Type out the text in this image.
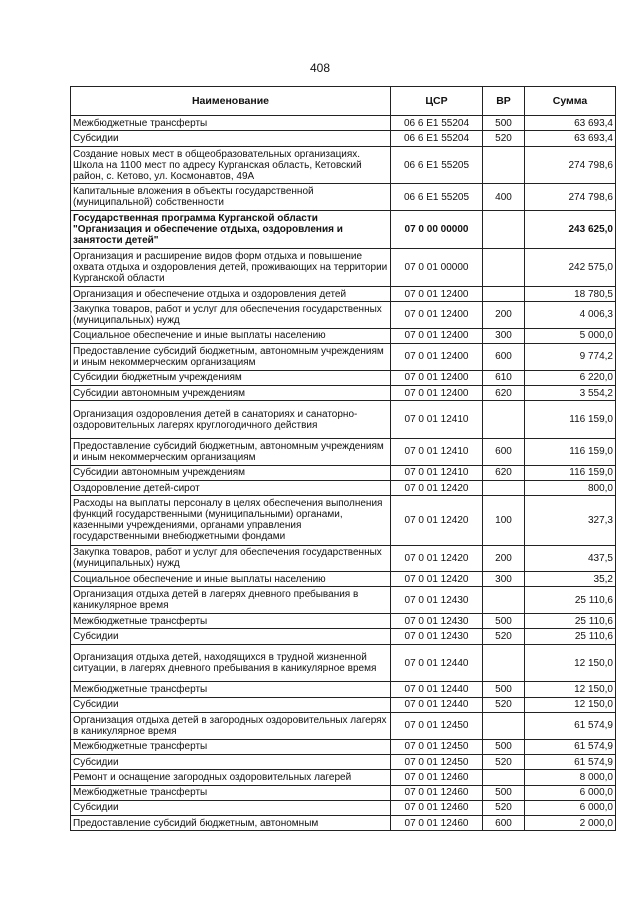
408
Наименование	ЦСР	ВР	Сумма
Межбюджетные трансферты	06 6 Е1 55204	500	63 693,4
Субсидии	06 6 Е1 55204	520	63 693,4
Создание новых мест в общеобразовательных организациях. Школа на 1100 мест по адресу Курганская область, Кетовский район, с. Кетово, ул. Космонавтов, 49А	06 6 Е1 55205		274 798,6
Капитальные вложения в объекты государственной (муниципальной) собственности	06 6 Е1 55205	400	274 798,6
Государственная программа Курганской области "Организация и обеспечение отдыха, оздоровления и занятости детей"	07 0 00 00000		243 625,0
Организация и расширение видов форм отдыха и повышение охвата отдыха и оздоровления детей, проживающих на территории Курганской области	07 0 01 00000		242 575,0
Организация и обеспечение отдыха и оздоровления детей	07 0 01 12400		18 780,5
Закупка товаров, работ и услуг для обеспечения государственных (муниципальных) нужд	07 0 01 12400	200	4 006,3
Социальное обеспечение и иные выплаты населению	07 0 01 12400	300	5 000,0
Предоставление субсидий бюджетным, автономным учреждениям и иным некоммерческим организациям	07 0 01 12400	600	9 774,2
Субсидии бюджетным учреждениям	07 0 01 12400	610	6 220,0
Субсидии автономным учреждениям	07 0 01 12400	620	3 554,2
Организация оздоровления детей в санаториях и санаторно-оздоровительных лагерях круглогодичного действия	07 0 01 12410		116 159,0
Предоставление субсидий бюджетным, автономным учреждениям и иным некоммерческим организациям	07 0 01 12410	600	116 159,0
Субсидии автономным учреждениям	07 0 01 12410	620	116 159,0
Оздоровление детей-сирот	07 0 01 12420		800,0
Расходы на выплаты персоналу в целях обеспечения выполнения функций государственными (муниципальными) органами, казенными учреждениями, органами управления государственными внебюджетными фондами	07 0 01 12420	100	327,3
Закупка товаров, работ и услуг для обеспечения государственных (муниципальных) нужд	07 0 01 12420	200	437,5
Социальное обеспечение и иные выплаты населению	07 0 01 12420	300	35,2
Организация отдыха детей в лагерях дневного пребывания в каникулярное время	07 0 01 12430		25 110,6
Межбюджетные трансферты	07 0 01 12430	500	25 110,6
Субсидии	07 0 01 12430	520	25 110,6
Организация отдыха детей, находящихся в трудной жизненной ситуации, в лагерях дневного пребывания в каникулярное время	07 0 01 12440		12 150,0
Межбюджетные трансферты	07 0 01 12440	500	12 150,0
Субсидии	07 0 01 12440	520	12 150,0
Организация отдыха детей в загородных оздоровительных лагерях в каникулярное время	07 0 01 12450		61 574,9
Межбюджетные трансферты	07 0 01 12450	500	61 574,9
Субсидии	07 0 01 12450	520	61 574,9
Ремонт и оснащение загородных оздоровительных лагерей	07 0 01 12460		8 000,0
Межбюджетные трансферты	07 0 01 12460	500	6 000,0
Субсидии	07 0 01 12460	520	6 000,0
Предоставление субсидий бюджетным, автономным	07 0 01 12460	600	2 000,0
